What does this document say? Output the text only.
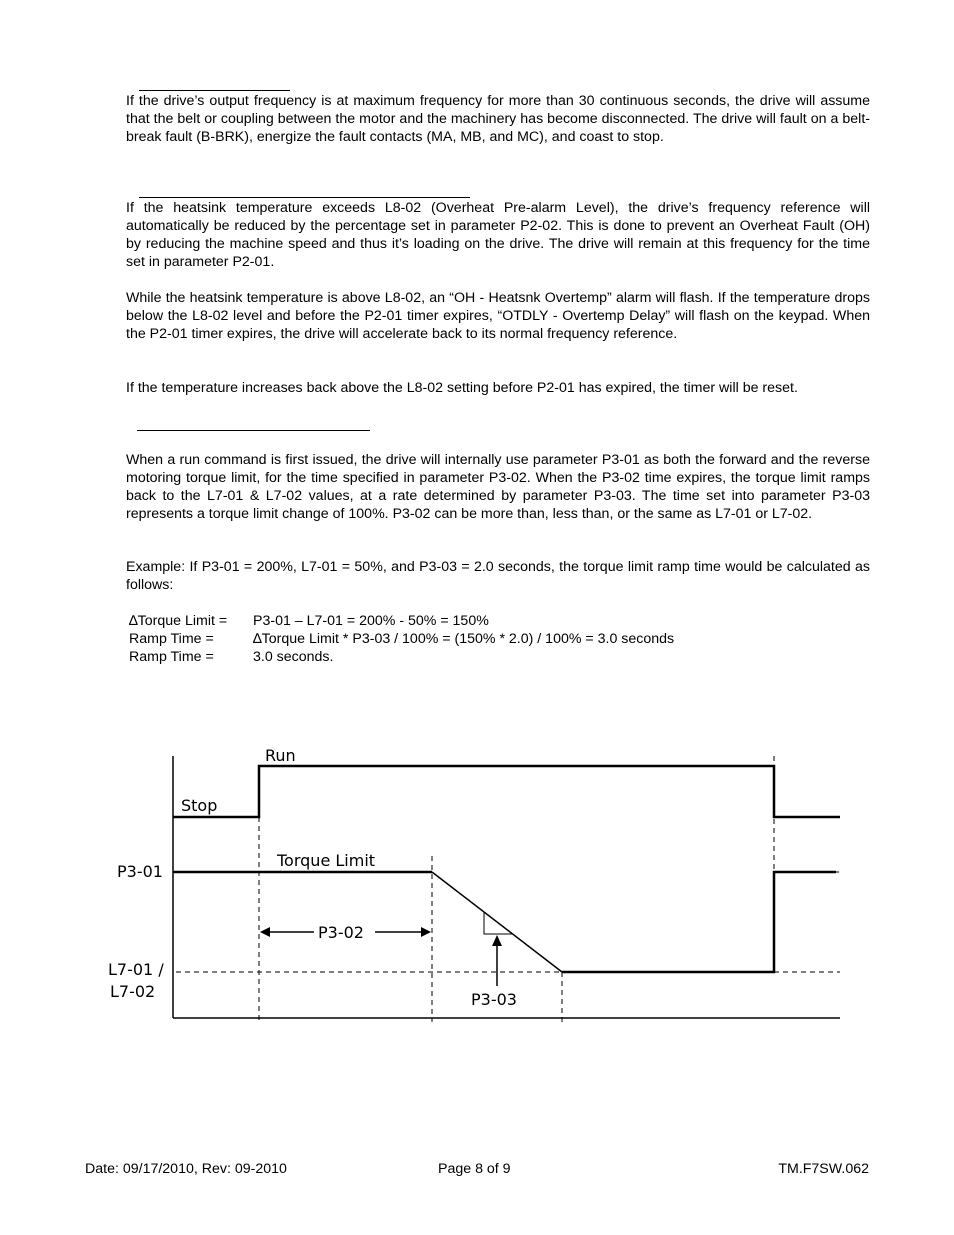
If the drive’s output frequency is at maximum frequency for more than 30 continuous seconds, the drive will assume that the belt or coupling between the motor and the machinery has become disconnected. The drive will fault on a belt-break fault (B-BRK), energize the fault contacts (MA, MB, and MC), and coast to stop.

If the heatsink temperature exceeds L8-02 (Overheat Pre-alarm Level), the drive’s frequency reference will automatically be reduced by the percentage set in parameter P2-02. This is done to prevent an Overheat Fault (OH) by reducing the machine speed and thus it’s loading on the drive. The drive will remain at this frequency for the time set in parameter P2-01.

While the heatsink temperature is above L8-02, an “OH - Heatsnk Overtemp” alarm will flash. If the temperature drops below the L8-02 level and before the P2-01 timer expires, “OTDLY - Overtemp Delay” will flash on the keypad. When the P2-01 timer expires, the drive will accelerate back to its normal frequency reference.

If the temperature increases back above the L8-02 setting before P2-01 has expired, the timer will be reset.

When a run command is first issued, the drive will internally use parameter P3-01 as both the forward and the reverse motoring torque limit, for the time specified in parameter P3-02. When the P3-02 time expires, the torque limit ramps back to the L7-01 & L7-02 values, at a rate determined by parameter P3-03. The time set into parameter P3-03 represents a torque limit change of 100%. P3-02 can be more than, less than, or the same as L7-01 or L7-02.

Example: If P3-01 = 200%, L7-01 = 50%, and P3-03 = 2.0 seconds, the torque limit ramp time would be calculated as follows:

∆Torque Limit =	P3-01 – L7-01 = 200% - 50% = 150%
Ramp Time =	∆Torque Limit * P3-03 / 100% = (150% * 2.0) / 100% = 3.0 seconds
Ramp Time =	3.0 seconds.
Run
Stop
Torque Limit
P3-01
L7-01 /
L7-02
P3-02
P3-03
Date: 09/17/2010, Rev: 09-2010	Page 8 of 9	TM.F7SW.062
